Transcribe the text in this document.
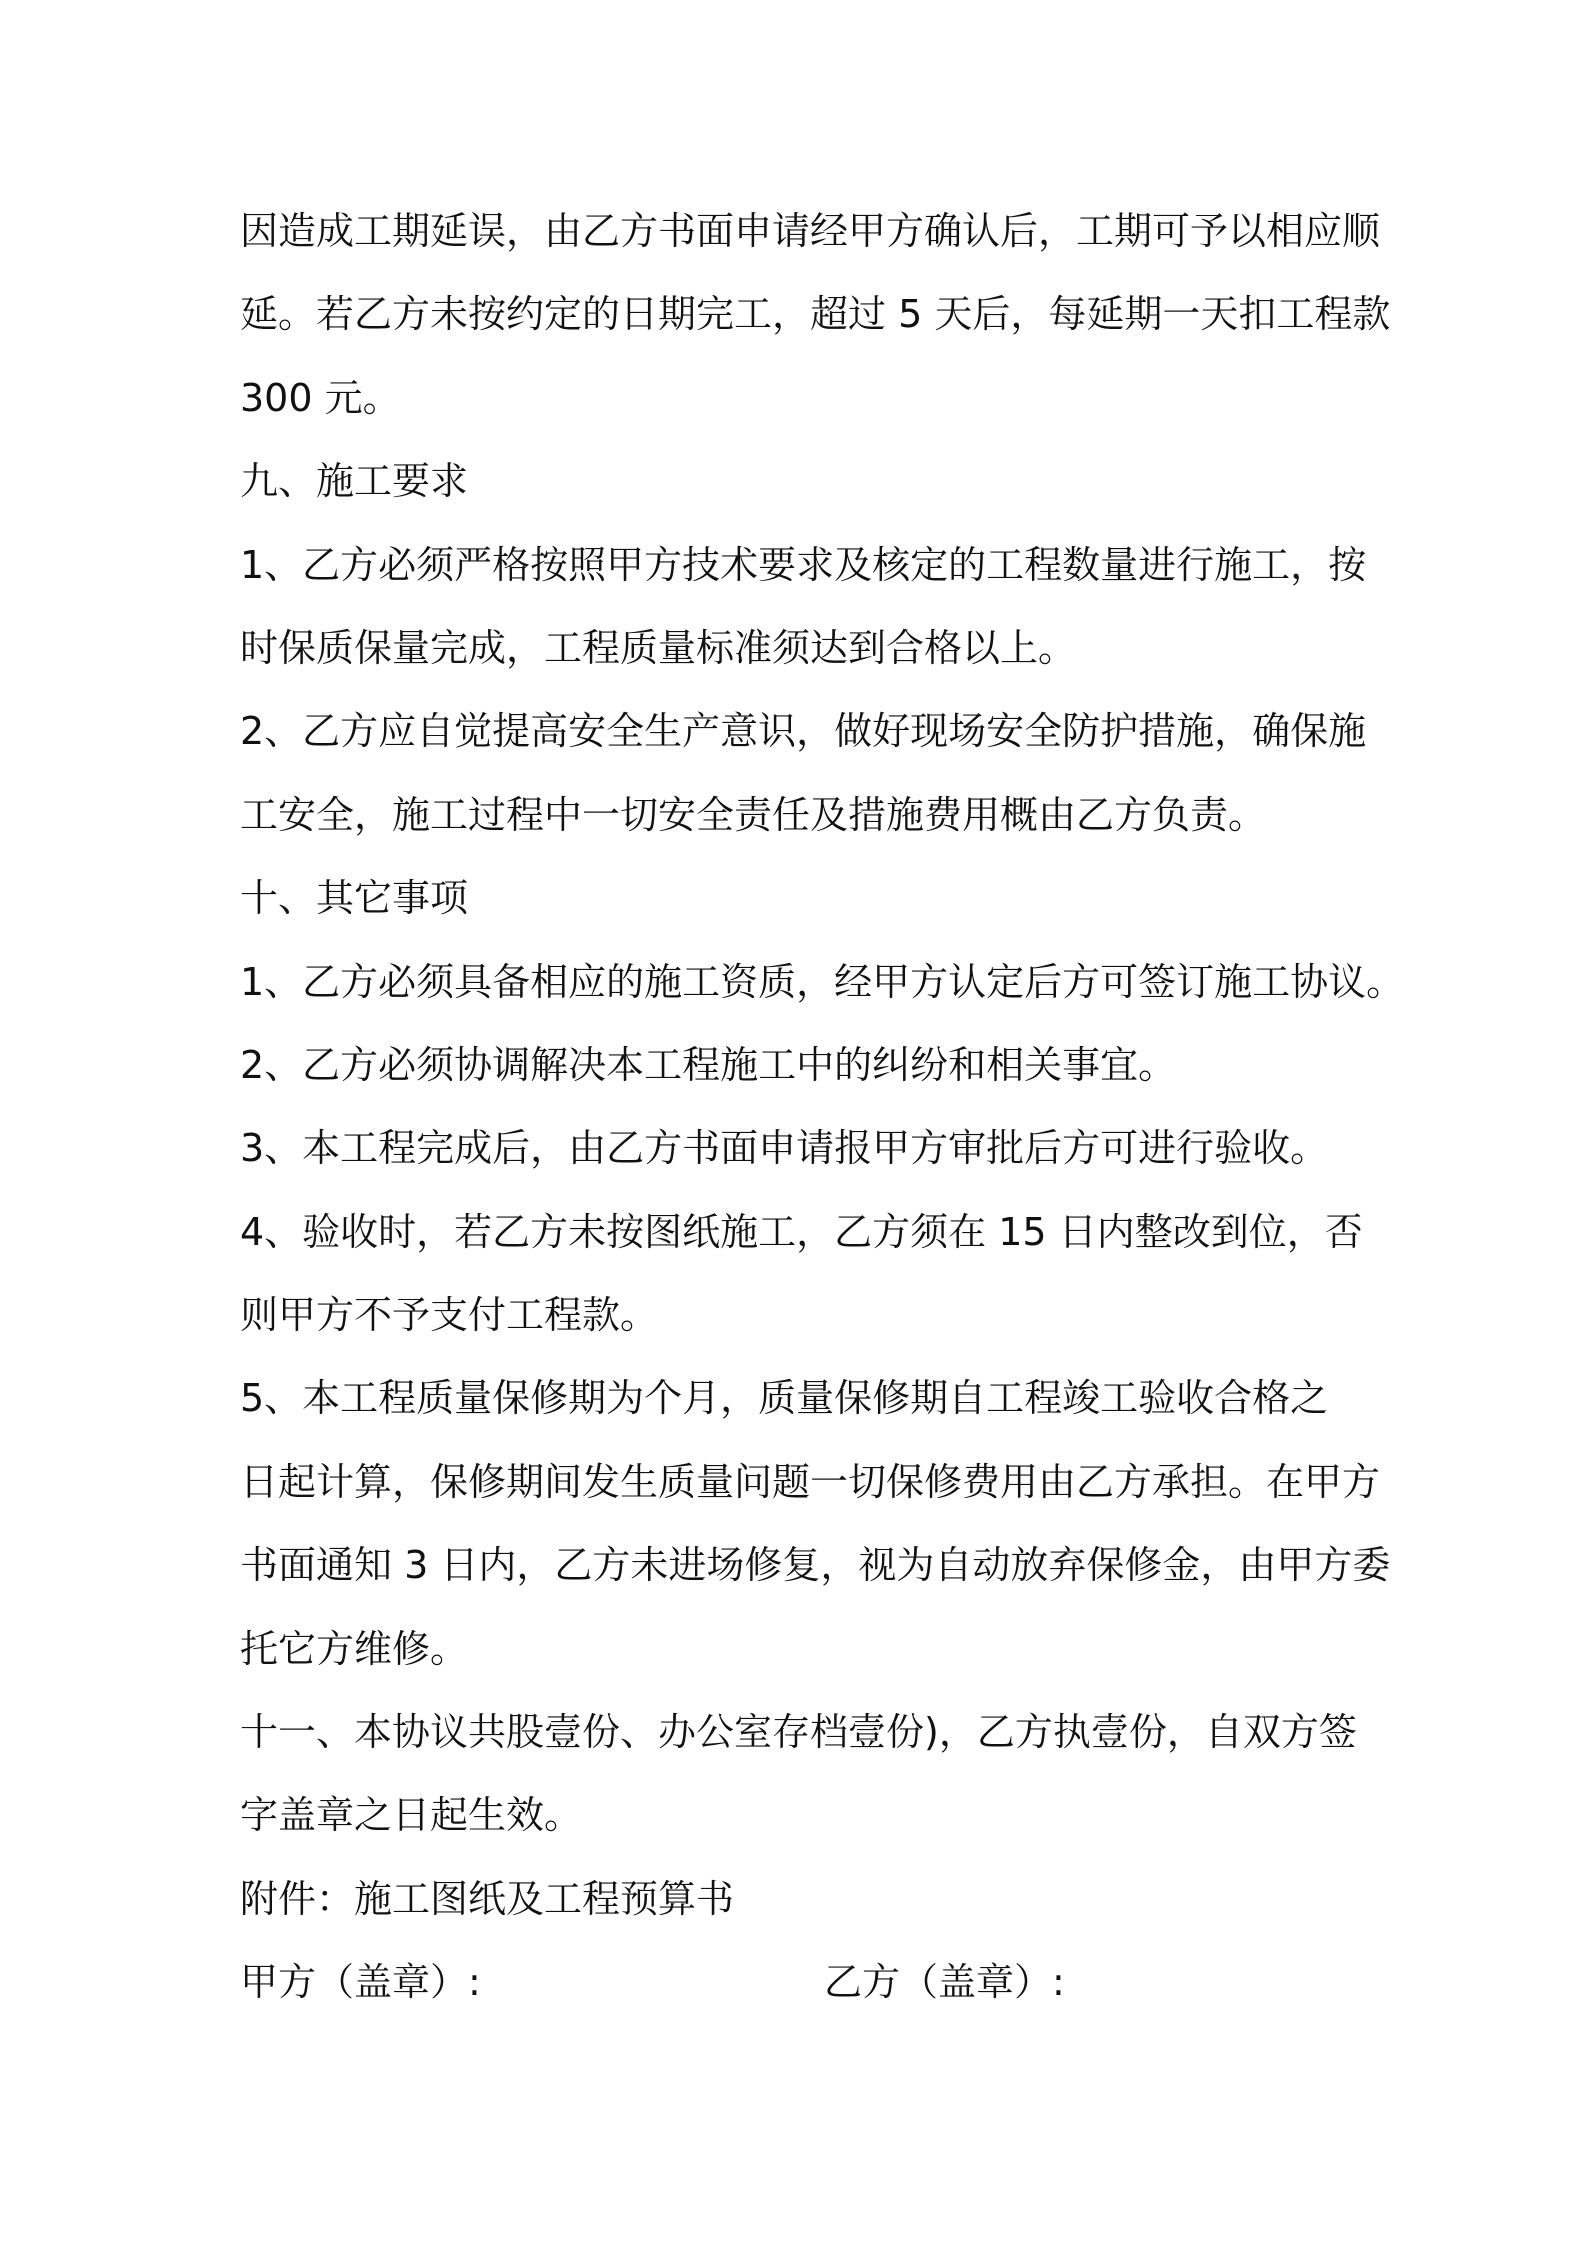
因造成工期延误，由乙方书面申请经甲方确认后，工期可予以相应顺
延。若乙方未按约定的日期完工，超过 5 天后，每延期一天扣工程款
300 元。
九、施工要求
1、乙方必须严格按照甲方技术要求及核定的工程数量进行施工，按
时保质保量完成，工程质量标准须达到合格以上。
2、乙方应自觉提高安全生产意识，做好现场安全防护措施，确保施
工安全，施工过程中一切安全责任及措施费用概由乙方负责。
十、其它事项
1、乙方必须具备相应的施工资质，经甲方认定后方可签订施工协议。
2、乙方必须协调解决本工程施工中的纠纷和相关事宜。
3、本工程完成后，由乙方书面申请报甲方审批后方可进行验收。
4、验收时，若乙方未按图纸施工，乙方须在 15 日内整改到位，否
则甲方不予支付工程款。
5、本工程质量保修期为个月，质量保修期自工程竣工验收合格之
日起计算，保修期间发生质量问题一切保修费用由乙方承担。在甲方
书面通知 3 日内，乙方未进场修复，视为自动放弃保修金，由甲方委
托它方维修。
十一、本协议共股壹份、办公室存档壹份)，乙方执壹份，自双方签
字盖章之日起生效。
附件：施工图纸及工程预算书
甲方（盖章）:	乙方（盖章）:
